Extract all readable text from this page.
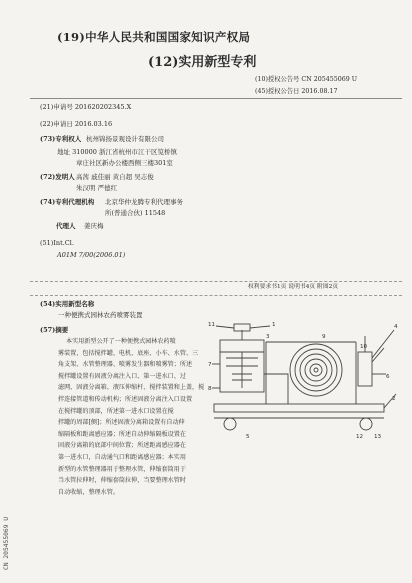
(19)中华人民共和国国家知识产权局
(12)实用新型专利
(10)授权公告号 CN 205455069 U
(45)授权公告日 2016.08.17
(21)申请号 201620202345.X
(22)申请日 2016.03.16
(73)专利权人 杭州锦扬景观设计有限公司
地址 310000 浙江省杭州市江干区笕桥镇
章庄社区新办公楼西侧三楼301室
(72)发明人 高茜 戚佳丽 黄自超 吴志俊
朱汉明 严德红
(74)专利代理机构 北京华仲龙腾专利代理事务
所(普通合伙) 11548
代理人 姜庆梅
(51)Int.Cl.
A01M 7/00(2006.01)
权利要求书1页 说明书4页 附图2页
(54)实用新型名称
一种便携式园林农药喷雾装置
(57)摘要
本实用新型公开了一种便携式园林农药喷
雾装置，包括搅拌罐、电机、底座、小车、水管、三
角支架、水管整理器、喷雾发生器和喷雾管；所述
搅拌罐设置有固液分离注入口、第一进水口、过
滤网、固液分离箱、液压伸缩杆、搅拌装置和上盖，搅
拌连接管道和传动机构；所述固液分离注入口设置
在搅拌罐的顶部，所述第一进水口设置在搅
拌罐的周部[侧]；所述固液分离箱设置有自动伸
缩隔板和距离感应器；所述自动伸缩隔板设置在
固液分离箱的底部中间位置；所述距离感应器在
第一进水口，自动通气口和距离感应器；本实用
新型的水管整理器用于整理水管，伸缩套筒用于
当水管拉伸时，伸缩套筒拉伸，当要整理水管时
自动收缩，整理水管。
11	1
7
8
3	9
4
10
6
2
5	12 13
CN 205455069 U
